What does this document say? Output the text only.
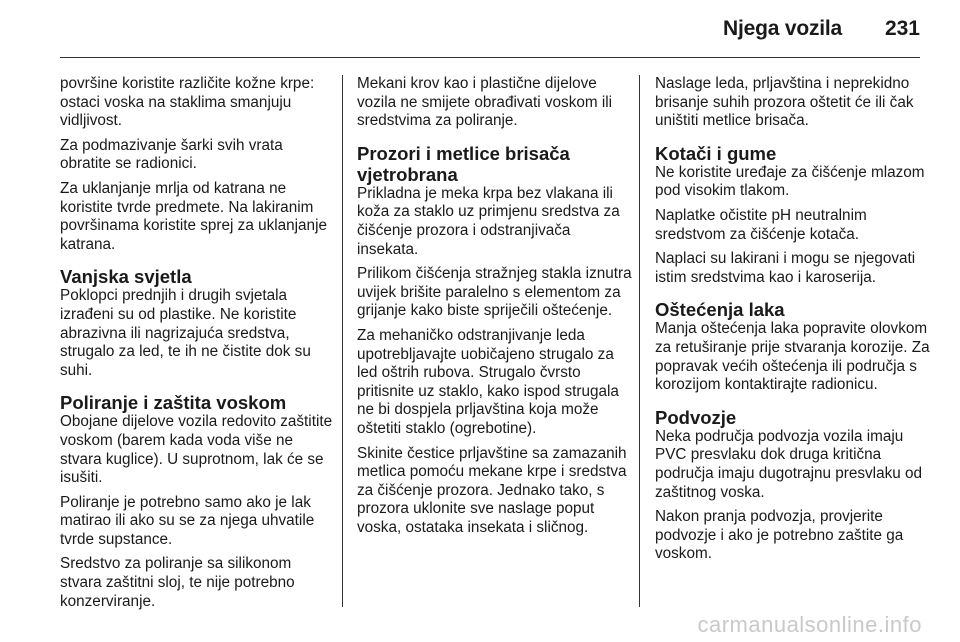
Njega vozila 231

površine koristite različite kožne krpe: ostaci voska na staklima smanjuju vidljivost.

Za podmazivanje šarki svih vrata obratite se radionici.

Za uklanjanje mrlja od katrana ne koristite tvrde predmete. Na lakiranim površinama koristite sprej za uklanjanje katrana.

Vanjska svjetla

Poklopci prednjih i drugih svjetala izrađeni su od plastike. Ne koristite abrazivna ili nagrizajuća sredstva, strugalo za led, te ih ne čistite dok su suhi.

Poliranje i zaštita voskom

Obojane dijelove vozila redovito zaštitite voskom (barem kada voda više ne stvara kuglice). U suprotnom, lak će se isušiti.

Poliranje je potrebno samo ako je lak matirao ili ako su se za njega uhvatile tvrde supstance.

Sredstvo za poliranje sa silikonom stvara zaštitni sloj, te nije potrebno konzerviranje.

Mekani krov kao i plastične dijelove vozila ne smijete obrađivati voskom ili sredstvima za poliranje.

Prozori i metlice brisača vjetrobrana

Prikladna je meka krpa bez vlakana ili koža za staklo uz primjenu sredstva za čišćenje prozora i odstranjivača insekata.

Prilikom čišćenja stražnjeg stakla iznutra uvijek brišite paralelno s elementom za grijanje kako biste spriječili oštećenje.

Za mehaničko odstranjivanje leda upotrebljavajte uobičajeno strugalo za led oštrih rubova. Strugalo čvrsto pritisnite uz staklo, kako ispod strugala ne bi dospjela prljavština koja može oštetiti staklo (ogrebotine).

Skinite čestice prljavštine sa zamazanih metlica pomoću mekane krpe i sredstva za čišćenje prozora. Jednako tako, s prozora uklonite sve naslage poput voska, ostataka insekata i sličnog.

Naslage leda, prljavština i neprekidno brisanje suhih prozora oštetit će ili čak uništiti metlice brisača.

Kotači i gume

Ne koristite uređaje za čišćenje mlazom pod visokim tlakom.

Naplatke očistite pH neutralnim sredstvom za čišćenje kotača.

Naplaci su lakirani i mogu se njegovati istim sredstvima kao i karoserija.

Oštećenja laka

Manja oštećenja laka popravite olovkom za retuširanje prije stvaranja korozije. Za popravak većih oštećenja ili područja s korozijom kontaktirajte radionicu.

Podvozje

Neka područja podvozja vozila imaju PVC presvlaku dok druga kritična područja imaju dugotrajnu presvlaku od zaštitnog voska.

Nakon pranja podvozja, provjerite podvozje i ako je potrebno zaštite ga voskom.

carmanualsonline.info
